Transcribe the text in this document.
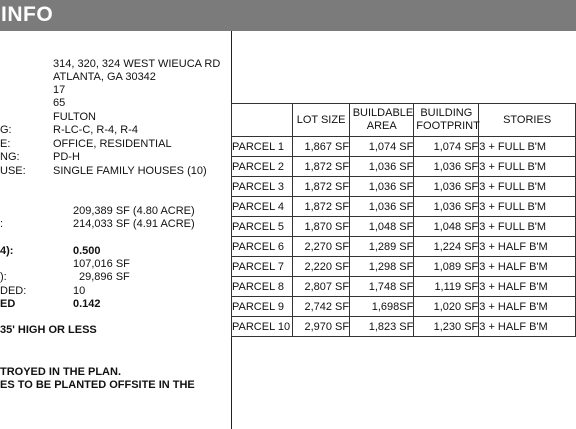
INFO
314, 320, 324 WEST WIEUCA RD
ATLANTA, GA 30342
17
65
FULTON
G:	R-LC-C, R-4, R-4
E:	OFFICE, RESIDENTIAL
NG:	PD-H
USE: SINGLE FAMILY HOUSES (10)
209,389 SF (4.80 ACRE)
:	214,033 SF (4.91 ACRE)
4):	0.500
107,016 SF
):	29,896 SF
DED:	10
ED	0.142
35' HIGH OR LESS
TROYED IN THE PLAN.
ES TO BE PLANTED OFFSITE IN THE
	LOT SIZE	BUILDABLE AREA	BUILDING FOOTPRINT	STORIES
PARCEL 1	1,867 SF	1,074 SF	1,074 SF	3 + FULL B'M
PARCEL 2	1,872 SF	1,036 SF	1,036 SF	3 + FULL B'M
PARCEL 3	1,872 SF	1,036 SF	1,036 SF	3 + FULL B'M
PARCEL 4	1,872 SF	1,036 SF	1,036 SF	3 + FULL B'M
PARCEL 5	1,870 SF	1,048 SF	1,048 SF	3 + FULL B'M
PARCEL 6	2,270 SF	1,289 SF	1,224 SF	3 + HALF B'M
PARCEL 7	2,220 SF	1,298 SF	1,089 SF	3 + HALF B'M
PARCEL 8	2,807 SF	1,748 SF	1,119 SF	3 + HALF B'M
PARCEL 9	2,742 SF	1,698SF	1,020 SF	3 + HALF B'M
PARCEL 10	2,970 SF	1,823 SF	1,230 SF	3 + HALF B'M
